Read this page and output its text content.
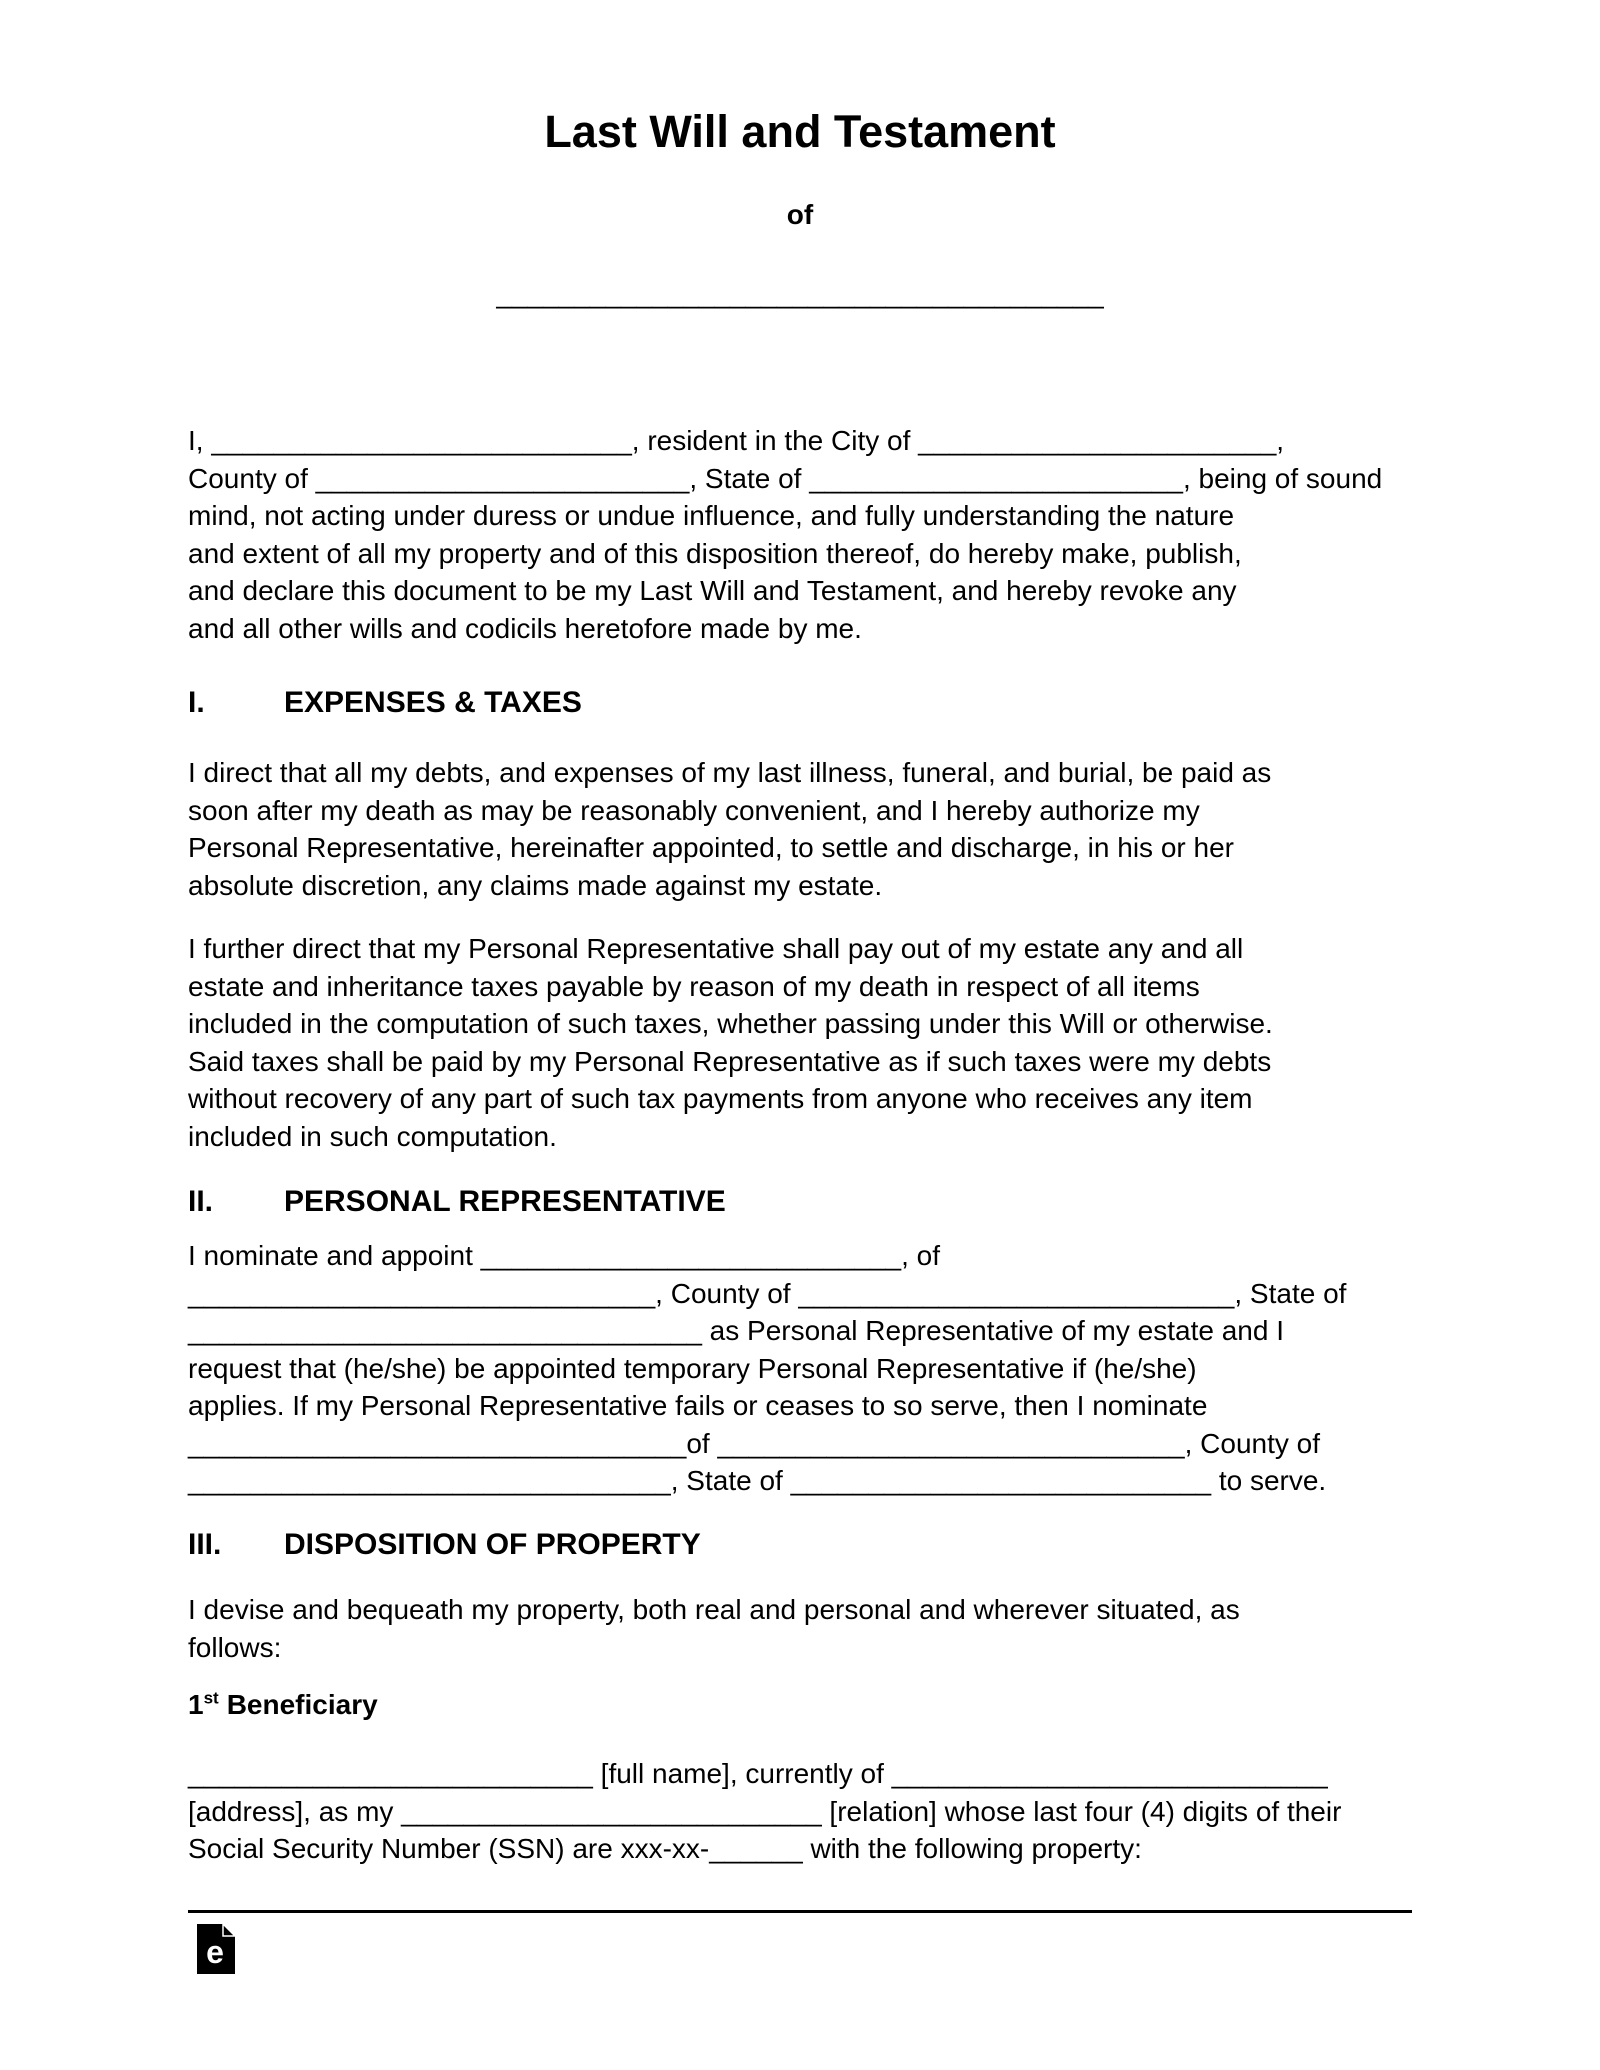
Last Will and Testament
of
_______________________________________
I, ___________________________, resident in the City of _______________________,
County of ________________________, State of ________________________, being of sound
mind, not acting under duress or undue influence, and fully understanding the nature
and extent of all my property and of this disposition thereof, do hereby make, publish,
and declare this document to be my Last Will and Testament, and hereby revoke any
and all other wills and codicils heretofore made by me.
I.	EXPENSES & TAXES
I direct that all my debts, and expenses of my last illness, funeral, and burial, be paid as
soon after my death as may be reasonably convenient, and I hereby authorize my
Personal Representative, hereinafter appointed, to settle and discharge, in his or her
absolute discretion, any claims made against my estate.
I further direct that my Personal Representative shall pay out of my estate any and all
estate and inheritance taxes payable by reason of my death in respect of all items
included in the computation of such taxes, whether passing under this Will or otherwise.
Said taxes shall be paid by my Personal Representative as if such taxes were my debts
without recovery of any part of such tax payments from anyone who receives any item
included in such computation.
II. PERSONAL REPRESENTATIVE
I nominate and appoint ___________________________, of
______________________________, County of ____________________________, State of
_________________________________ as Personal Representative of my estate and I
request that (he/she) be appointed temporary Personal Representative if (he/she)
applies. If my Personal Representative fails or ceases to so serve, then I nominate
________________________________of ______________________________, County of
_______________________________, State of ___________________________ to serve.
III. DISPOSITION OF PROPERTY
I devise and bequeath my property, both real and personal and wherever situated, as
follows:
1st Beneficiary
__________________________ [full name], currently of ____________________________
[address], as my ___________________________ [relation] whose last four (4) digits of their
Social Security Number (SSN) are xxx-xx-______ with the following property:
e
